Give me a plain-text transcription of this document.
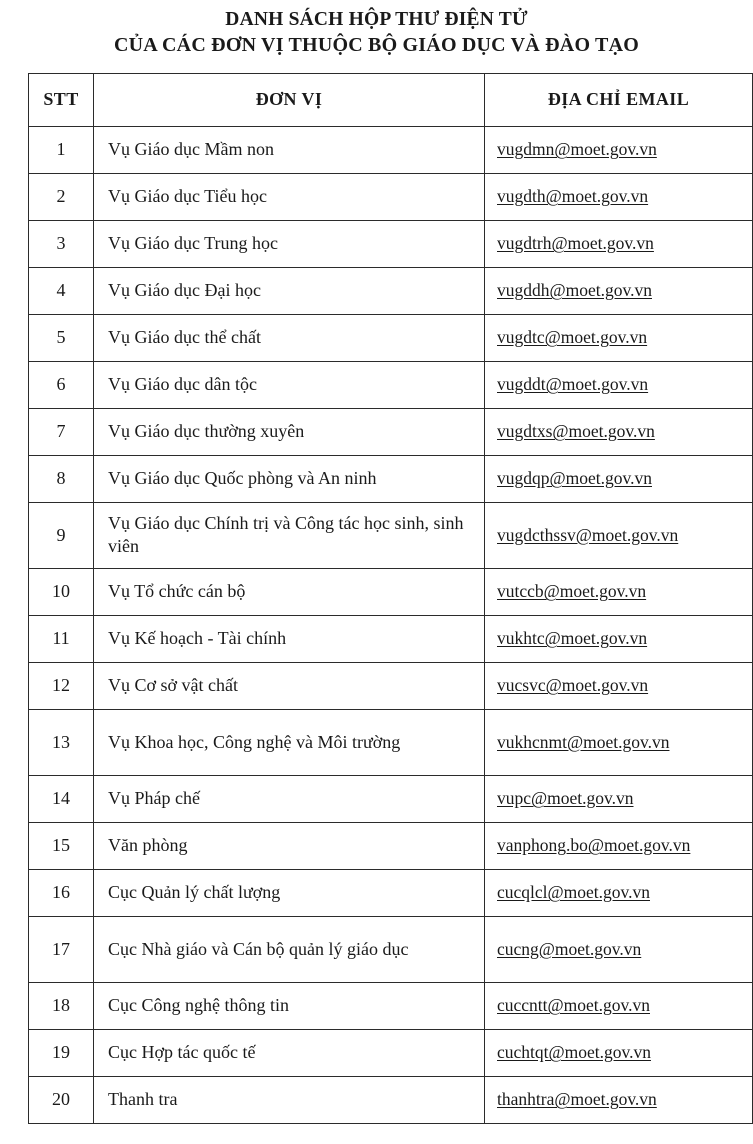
DANH SÁCH HỘP THƯ ĐIỆN TỬ
CỦA CÁC ĐƠN VỊ THUỘC BỘ GIÁO DỤC VÀ ĐÀO TẠO
STT	ĐƠN VỊ	ĐỊA CHỈ EMAIL
1	Vụ Giáo dục Mầm non	vugdmn@moet.gov.vn
2	Vụ Giáo dục Tiểu học	vugdth@moet.gov.vn
3	Vụ Giáo dục Trung học	vugdtrh@moet.gov.vn
4	Vụ Giáo dục Đại học	vugddh@moet.gov.vn
5	Vụ Giáo dục thể chất	vugdtc@moet.gov.vn
6	Vụ Giáo dục dân tộc	vugddt@moet.gov.vn
7	Vụ Giáo dục thường xuyên	vugdtxs@moet.gov.vn
8	Vụ Giáo dục Quốc phòng và An ninh	vugdqp@moet.gov.vn
9	Vụ Giáo dục Chính trị và Công tác học sinh, sinh viên	vugdcthssv@moet.gov.vn
10	Vụ Tổ chức cán bộ	vutccb@moet.gov.vn
11	Vụ Kế hoạch - Tài chính	vukhtc@moet.gov.vn
12	Vụ Cơ sở vật chất	vucsvc@moet.gov.vn
13	Vụ Khoa học, Công nghệ và Môi trường	vukhcnmt@moet.gov.vn
14	Vụ Pháp chế	vupc@moet.gov.vn
15	Văn phòng	vanphong.bo@moet.gov.vn
16	Cục Quản lý chất lượng	cucqlcl@moet.gov.vn
17	Cục Nhà giáo và Cán bộ quản lý giáo dục	cucng@moet.gov.vn
18	Cục Công nghệ thông tin	cuccntt@moet.gov.vn
19	Cục Hợp tác quốc tế	cuchtqt@moet.gov.vn
20	Thanh tra	thanhtra@moet.gov.vn
